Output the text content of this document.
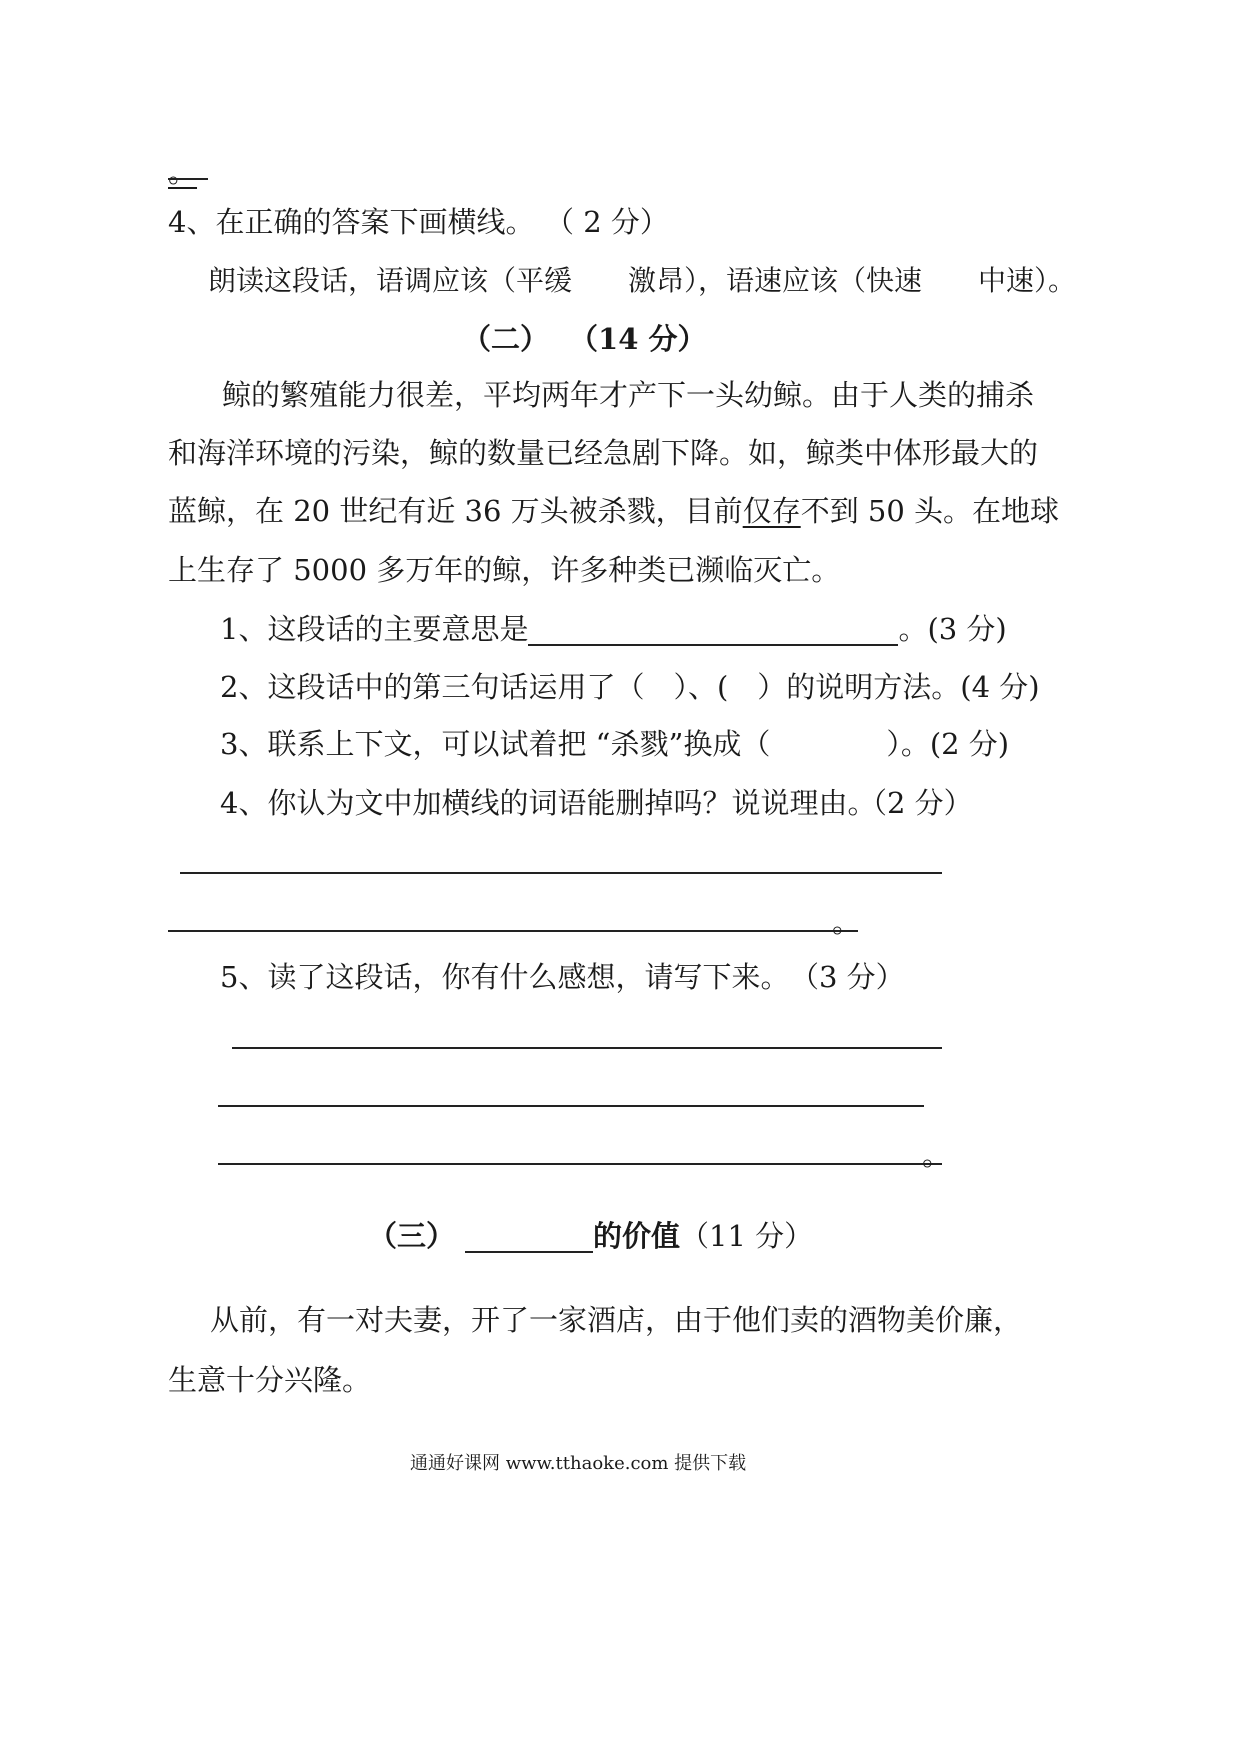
。
4、在正确的答案下画横线。 （ 2 分）
朗读这段话，语调应该（平缓　　激昂），语速应该（快速　　中速）。
（二） （14 分）
鲸的繁殖能力很差，平均两年才产下一头幼鲸。由于人类的捕杀
和海洋环境的污染，鲸的数量已经急剧下降。如，鲸类中体形最大的
蓝鲸，在 20 世纪有近 36 万头被杀戮，目前仅存不到 50 头。在地球
上生存了 5000 多万年的鲸，许多种类已濒临灭亡。
1、这段话的主要意思是	。(3 分)
2、这段话中的第三句话运用了（　）、(　）的说明方法。(4 分)
3、联系上下文，可以试着把 “杀戮”换成（　　　　）。(2 分)
4、你认为文中加横线的词语能删掉吗？说说理由。
（2 分）
。
5、读了这段话，你有什么感想，请写下来。 （3 分）
。
（三）	的价值（11 分）
从前，有一对夫妻，开了一家酒店，由于他们卖的酒物美价廉，
生意十分兴隆。
通通好课网 www.tthaoke.com 提供下载
